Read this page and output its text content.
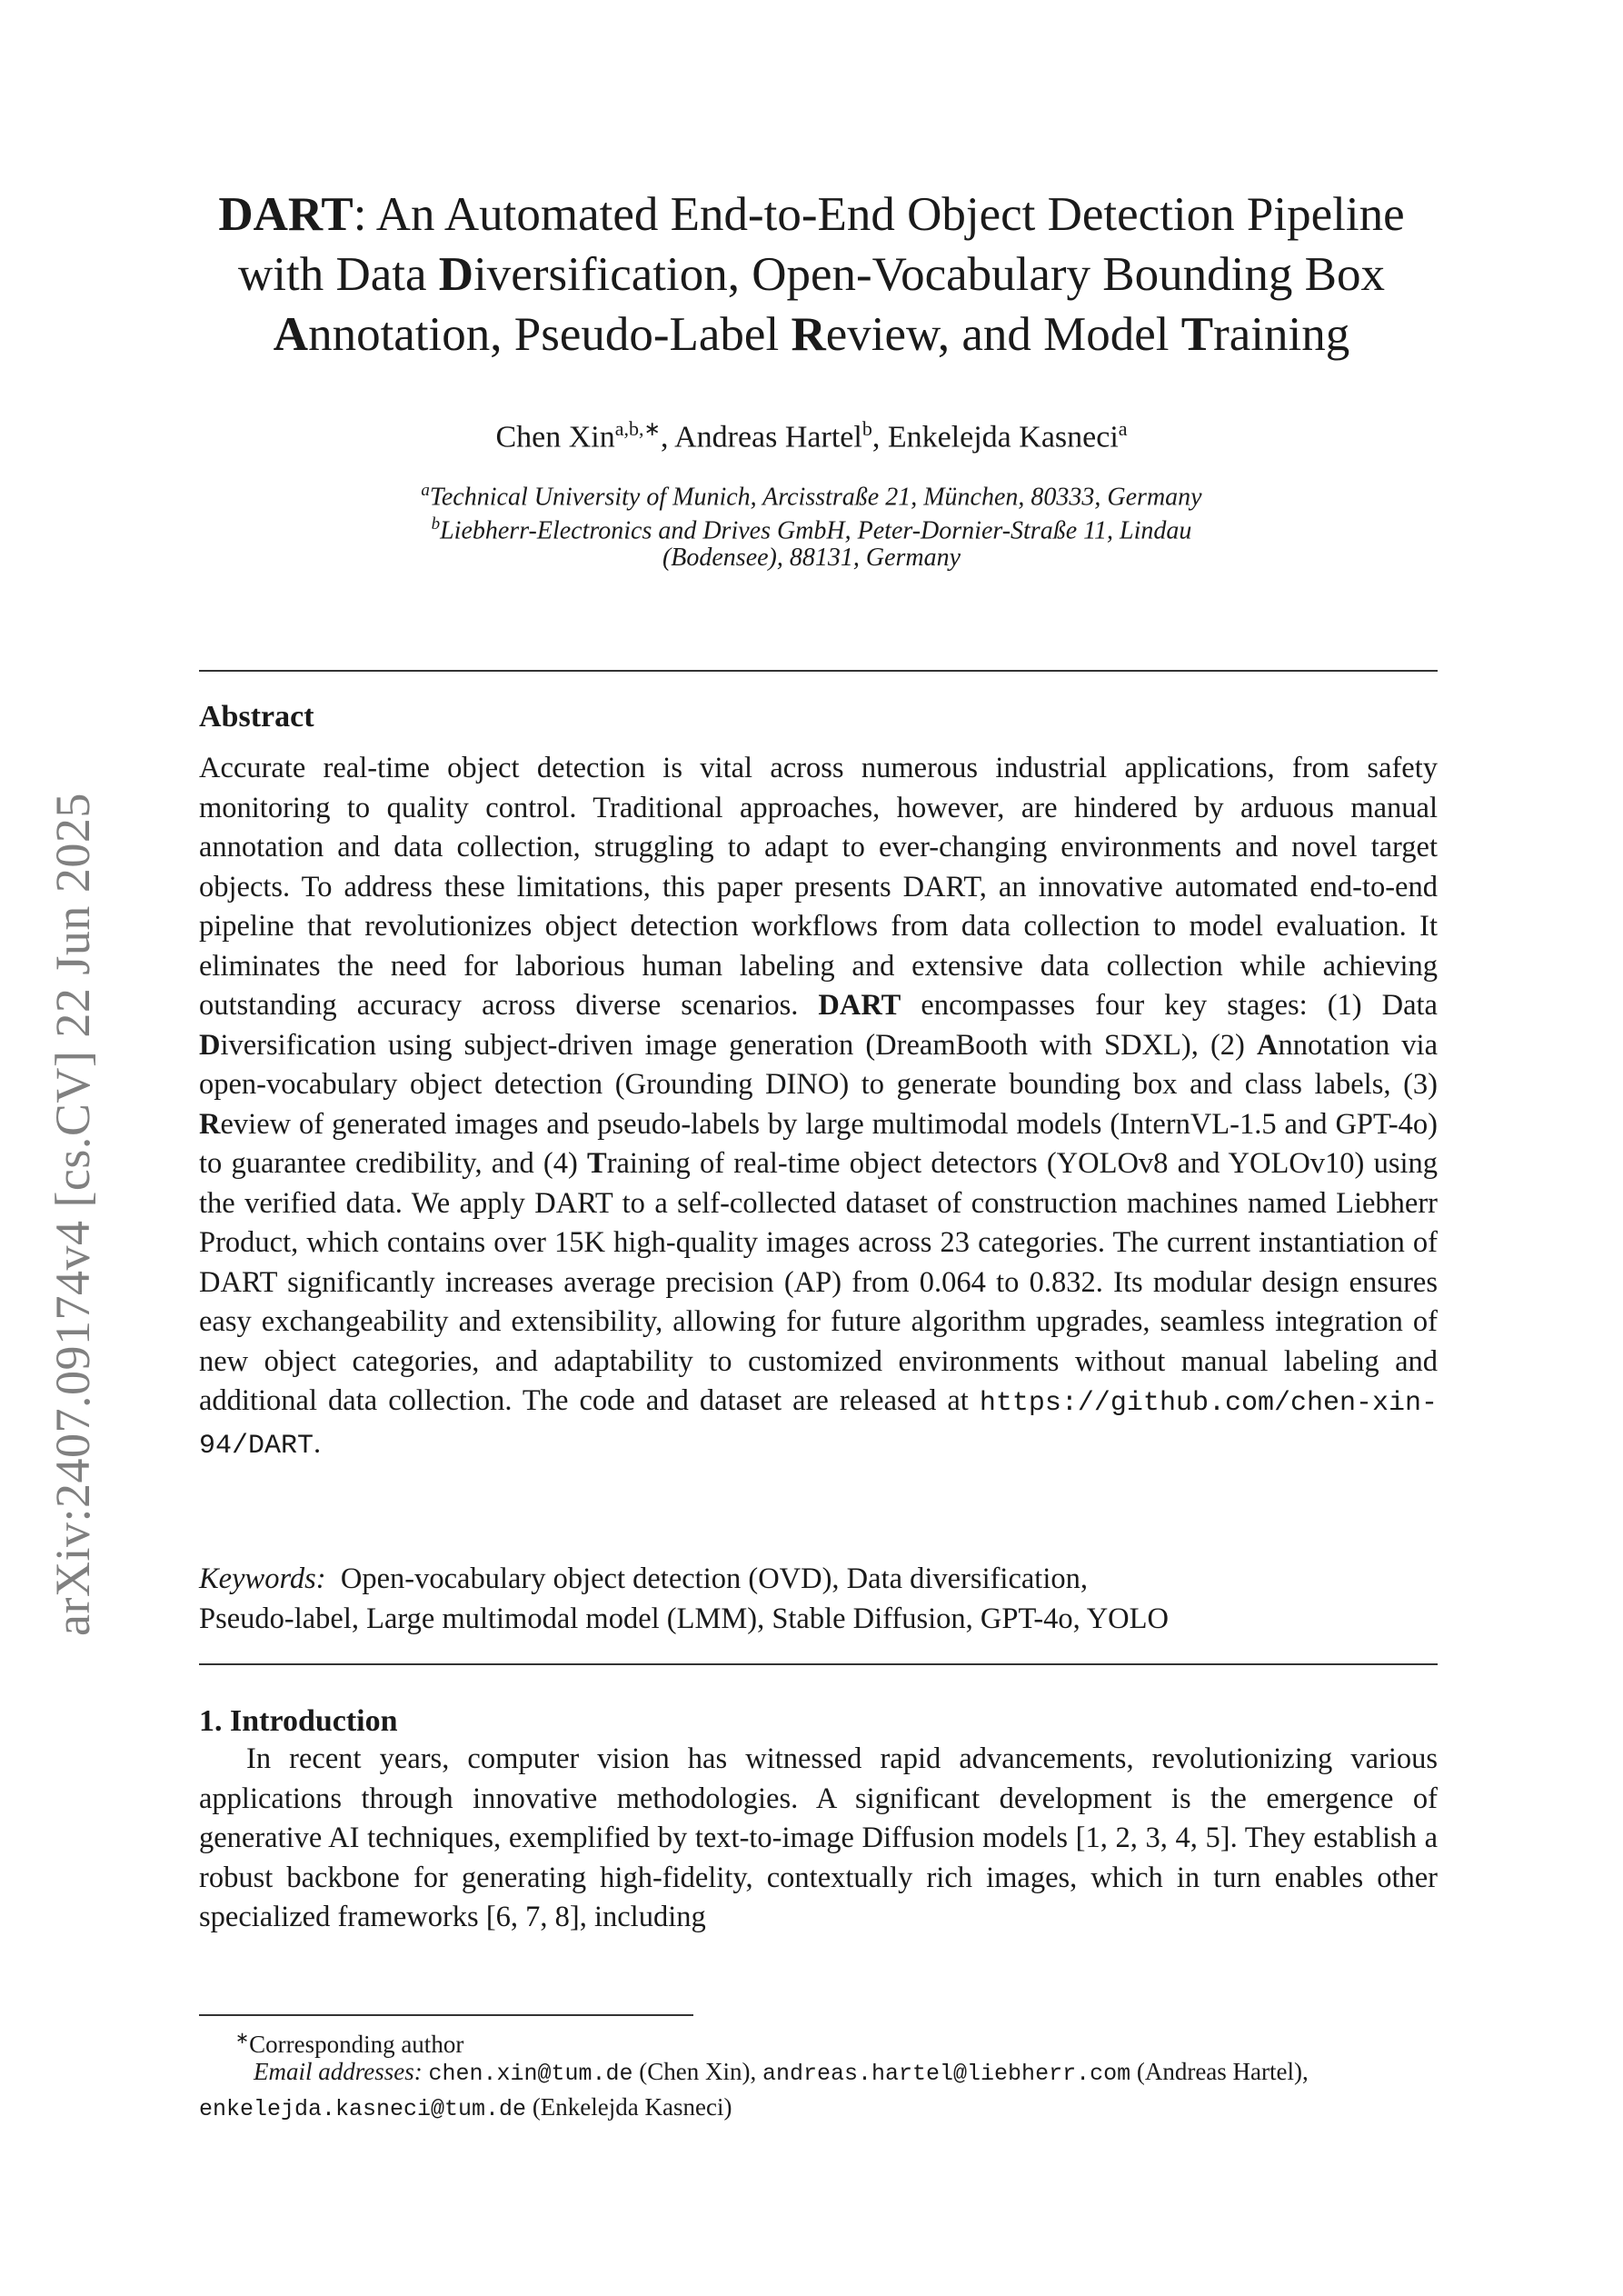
arXiv:2407.09174v4 [cs.CV] 22 Jun 2025
DART: An Automated End-to-End Object Detection Pipeline
with Data Diversification, Open-Vocabulary Bounding Box
Annotation, Pseudo-Label Review, and Model Training
Chen Xin$^{a,b,∗}$, Andreas Hartel$^b$, Enkelejda Kasneci$^a$
$^a$Technical University of Munich, Arcisstraße 21, München, 80333, Germany
$^b$Liebherr-Electronics and Drives GmbH, Peter-Dornier-Straße 11, Lindau
(Bodensee), 88131, Germany
Abstract
Accurate real-time object detection is vital across numerous industrial applications, from safety monitoring to quality control. Traditional approaches, however, are hindered by arduous manual annotation and data collection, struggling to adapt to ever-changing environments and novel target objects. To address these limitations, this paper presents DART, an innovative automated end-to-end pipeline that revolutionizes object detection workflows from data collection to model evaluation. It eliminates the need for laborious human labeling and extensive data collection while achieving outstanding accuracy across diverse scenarios. DART encompasses four key stages: (1) Data Diversification using subject-driven image generation (DreamBooth with SDXL), (2) Annotation via open-vocabulary object detection (Grounding DINO) to generate bounding box and class labels, (3) Review of generated images and pseudo-labels by large multimodal models (InternVL-1.5 and GPT-4o) to guarantee credibility, and (4) Training of real-time object detectors (YOLOv8 and YOLOv10) using the verified data. We apply DART to a self-collected dataset of construction machines named Liebherr Product, which contains over 15K high-quality images across 23 categories. The current instantiation of DART significantly increases average precision (AP) from 0.064 to 0.832. Its modular design ensures easy exchangeability and extensibility, allowing for future algorithm upgrades, seamless integration of new object categories, and adaptability to customized environments without manual labeling and additional data collection. The code and dataset are released at https://github.com/chen-xin-94/DART.
Keywords: Open-vocabulary object detection (OVD), Data diversification,
Pseudo-label, Large multimodal model (LMM), Stable Diffusion, GPT-4o, YOLO
1. Introduction
In recent years, computer vision has witnessed rapid advancements, revolutionizing various applications through innovative methodologies. A significant development is the emergence of generative AI techniques, exemplified by text-to-image Diffusion models [1, 2, 3, 4, 5]. They establish a robust backbone for generating high-fidelity, contextually rich images, which in turn enables other specialized frameworks [6, 7, 8], including
∗Corresponding author
Email addresses: chen.xin@tum.de (Chen Xin), andreas.hartel@liebherr.com (Andreas Hartel), enkelejda.kasneci@tum.de (Enkelejda Kasneci)
